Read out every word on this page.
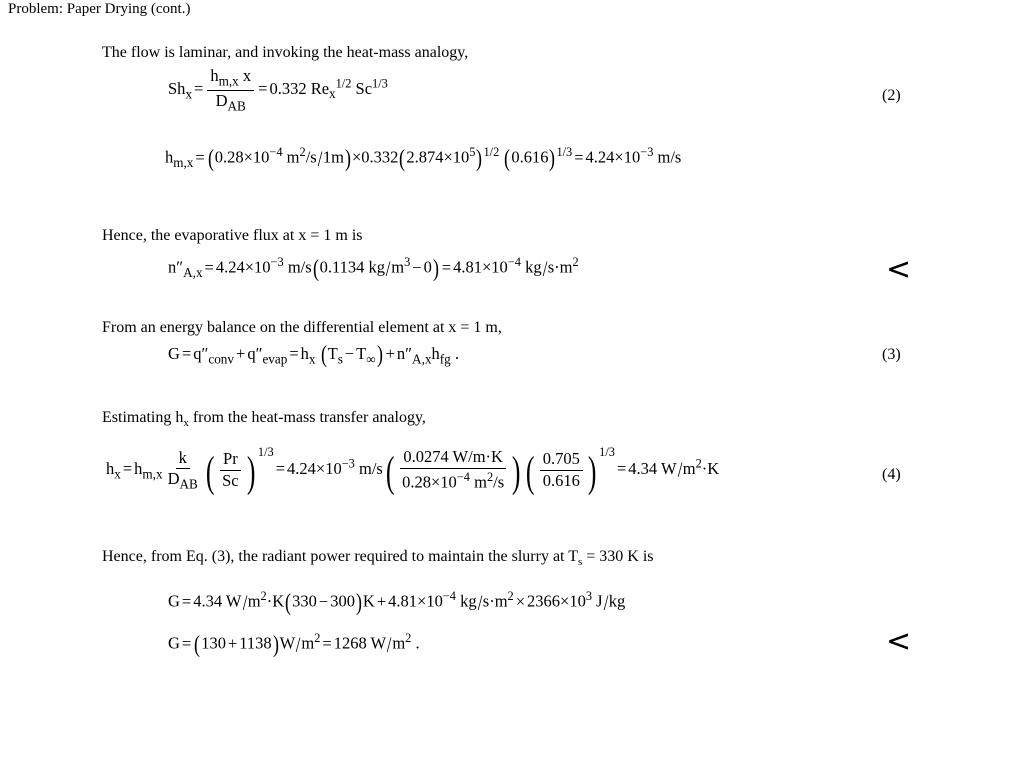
Problem: Paper Drying (cont.)
The flow is laminar, and invoking the heat-mass analogy,
$Sh_x = \frac{h_{m,x} x}{D_{AB}} = 0.332$ $Re_x^{1/2}$ $Sc^{1/3}$
(2)
$h_{m,x} = (0.28\times 10^{-4}$ $m^2/s/1m)\times 0.332(2.874\times 10^5)^{1/2}$ $(0.616)^{1/3} = 4.24\times 10^{-3}$ m/s
Hence, the evaporative flux at x = 1 m is
$n''_{A,x} = 4.24\times 10^{-3}$ m/s(0.1134 $kg/m^3 - 0) = 4.81\times 10^{-4}$ $kg/s\cdot m^2$	<
From an energy balance on the differential element at x = 1 m,
$G = q''_{conv} + q''_{evap} = h_x$ $(T_s - T_\infty) + n''_{A,x}h_{fg}$ .	(3)
Estimating $h_x$ from the heat-mass transfer analogy,
$h_x = h_{m,x} \frac{k}{D_{AB}}$ ( $\frac{Pr}{Sc}$ ) $^{1/3}= 4.24\times 10^{-3}$ $m/s( \frac{0.0274 W/m\cdot K}{0.28\times 10^{-4} m^2/s}$ ) ( $\frac{0.705}{0.616}$ ) $^{1/3}$= 4.34 $W/m^2\cdot K$	(4)
Hence, from Eq. (3), the radiant power required to maintain the slurry at $T_s = 330$ K is
G = 4.34 $W/m^2\cdot K(330 - 300)K + 4.81\times 10^{-4}$ $kg/s\cdot m^2 \times 2366\times 10^3$ J/kg
$G = (130 + 1138)W/m^2 = 1268$ $W/m^2$ .	<
